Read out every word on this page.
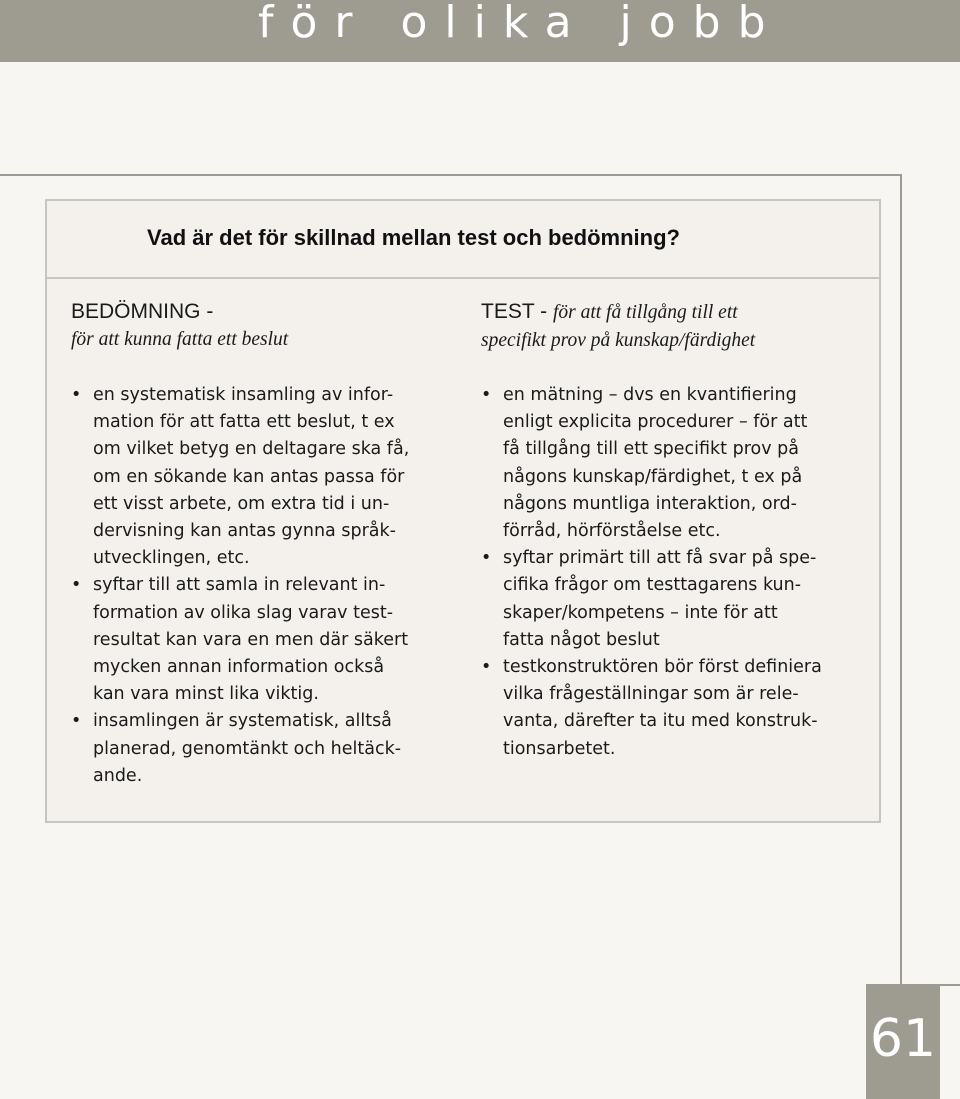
för olika jobb
Vad är det för skillnad mellan test och bedömning?

BEDÖMNING -

för att kunna fatta ett beslut

• en systematisk insamling av infor-
mation för att fatta ett beslut, t ex
om vilket betyg en deltagare ska få,
om en sökande kan antas passa för
ett visst arbete, om extra tid i un-
dervisning kan antas gynna språk-
utvecklingen, etc.
• syftar till att samla in relevant in-
formation av olika slag varav test-
resultat kan vara en men där säkert
mycken annan information också
kan vara minst lika viktig.
• insamlingen är systematisk, alltså
planerad, genomtänkt och heltäck-
ande.

TEST - för att få tillgång till ett

specifikt prov på kunskap/färdighet

• en mätning – dvs en kvantifiering
enligt explicita procedurer – för att
få tillgång till ett specifikt prov på
någons kunskap/färdighet, t ex på
någons muntliga interaktion, ord-
förråd, hörförståelse etc.
• syftar primärt till att få svar på spe-
cifika frågor om testtagarens kun-
skaper/kompetens – inte för att
fatta något beslut
• testkonstruktören bör först definiera
vilka frågeställningar som är rele-
vanta, därefter ta itu med konstruk-
tionsarbetet.

61
